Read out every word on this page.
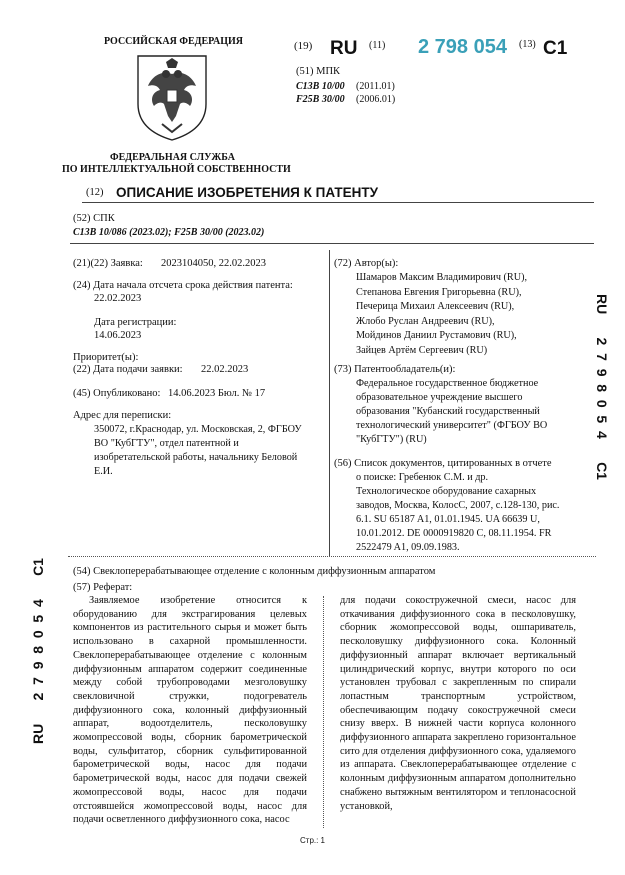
РОССИЙСКАЯ ФЕДЕРАЦИЯ
ФЕДЕРАЛЬНАЯ СЛУЖБА
ПО ИНТЕЛЛЕКТУАЛЬНОЙ СОБСТВЕННОСТИ
(19) RU (11) 2 798 054 (13) C1
(51) МПК
C13B 10/00 (2011.01)
F25B 30/00 (2006.01)
(12) ОПИСАНИЕ ИЗОБРЕТЕНИЯ К ПАТЕНТУ
(52) СПК
C13B 10/086 (2023.02); F25B 30/00 (2023.02)
(21)(22) Заявка: 2023104050, 22.02.2023
(24) Дата начала отсчета срока действия патента:
22.02.2023
Дата регистрации:
14.06.2023
Приоритет(ы):
(22) Дата подачи заявки: 22.02.2023
(45) Опубликовано: 14.06.2023 Бюл. № 17
Адрес для переписки:
350072, г.Краснодар, ул. Московская, 2, ФГБОУ
ВО "КубГТУ", отдел патентной и
изобретательской работы, начальнику Беловой
Е.И.
(72) Автор(ы):
Шамаров Максим Владимирович (RU),
Степанова Евгения Григорьевна (RU),
Печерица Михаил Алексеевич (RU),
Жлобо Руслан Андреевич (RU),
Мойдинов Даниил Рустамович (RU),
Зайцев Артём Сергеевич (RU)
(73) Патентообладатель(и):
Федеральное государственное бюджетное
образовательное учреждение высшего
образования "Кубанский государственный
технологический университет" (ФГБОУ ВО
"КубГТУ") (RU)
(56) Список документов, цитированных в отчете
о поиске: Гребенюк С.М. и др.
Технологическое оборудование сахарных
заводов, Москва, КолосС, 2007, с.128-130, рис.
6.1. SU 65187 A1, 01.01.1945. UA 66639 U,
10.01.2012. DE 0000919820 C, 08.11.1954. FR
2522479 A1, 09.09.1983.
(54) Свеклоперерабатывающее отделение с колонным диффузионным аппаратом
(57) Реферат:

Заявляемое изобретение относится к оборудованию для экстрагирования целевых компонентов из растительного сырья и может быть использовано в сахарной промышленности. Свеклоперерабатывающее отделение с колонным диффузионным аппаратом содержит соединенные между собой трубопроводами мезголовушку свекловичной стружки, подогреватель диффузионного сока, колонный диффузионный аппарат, водоотделитель, песколовушку жомопрессовой воды, сборник барометрической воды, сульфитатор, сборник сульфитированной барометрической воды, насос для подачи барометрической воды, насос для подачи свежей жомопрессовой воды, насос для подачи отстоявшейся жомопрессовой воды, насос для подачи осветленного диффузионного сока, насос

для подачи сокостружечной смеси, насос для откачивания диффузионного сока в песколовушку, сборник жомопрессовой воды, ошпариватель, песколовушку диффузионного сока. Колонный диффузионный аппарат включает вертикальный цилиндрический корпус, внутри которого по оси установлен трубовал с закрепленным по спирали лопастным транспортным устройством, обеспечивающим подачу сокостружечной смеси снизу вверх. В нижней части корпуса колонного диффузионного аппарата закреплено горизонтальное сито для отделения диффузионного сока, удаляемого из аппарата. Свеклоперерабатывающее отделение с колонным диффузионным аппаратом дополнительно снабжено вытяжным вентилятором и теплонасосной установкой,

Стр.: 1
RU      2  7  9  8  0  5  4      C1
RU      2  7  9  8  0  5  4      C1
